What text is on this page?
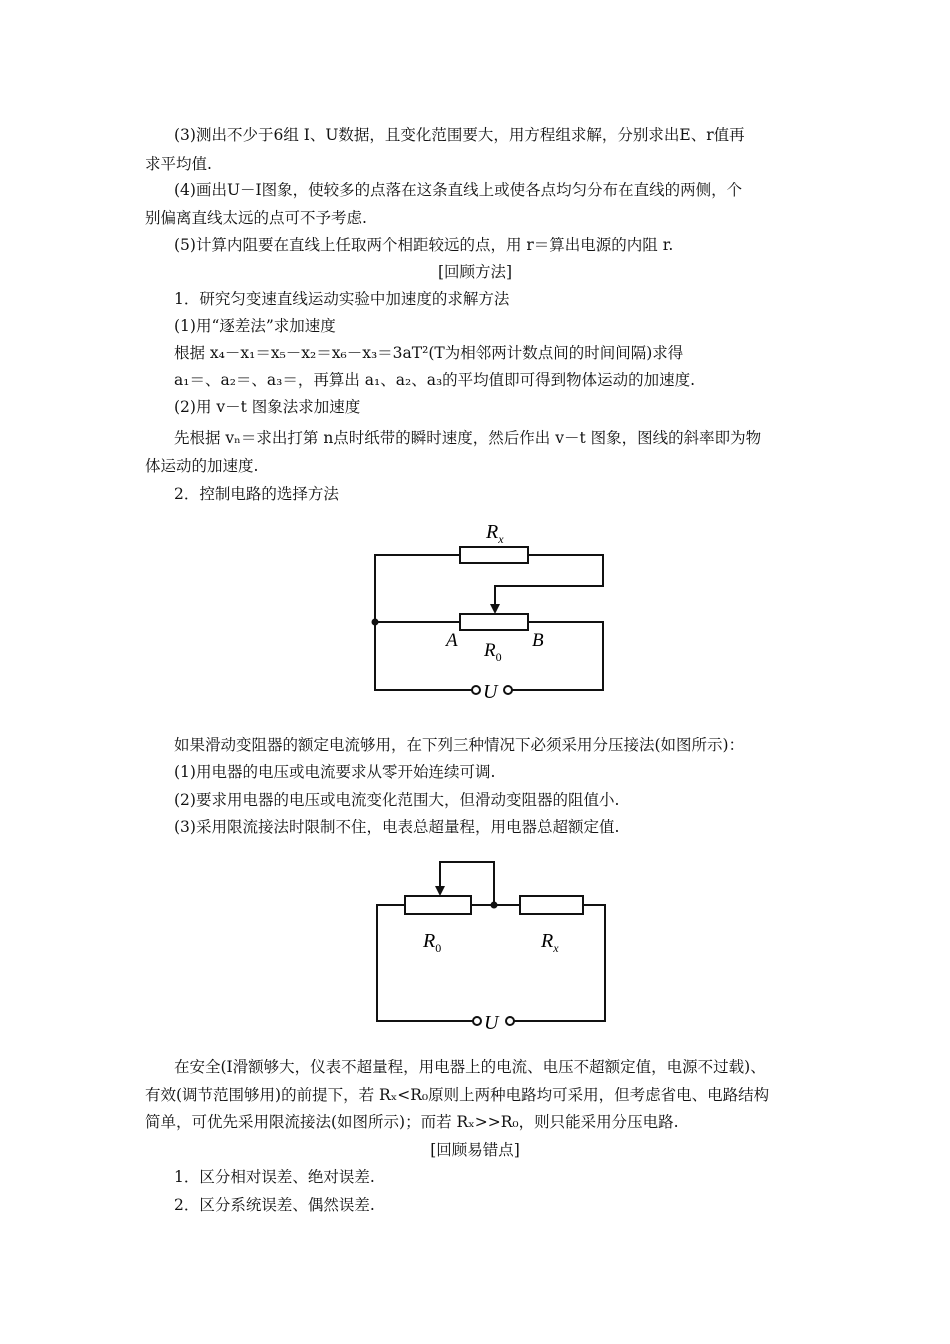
(3)测出不少于6组 I、U数据，且变化范围要大，用方程组求解，分别求出E、r值再
求平均值.
(4)画出U－I图象，使较多的点落在这条直线上或使各点均匀分布在直线的两侧，个
别偏离直线太远的点可不予考虑.
(5)计算内阻要在直线上任取两个相距较远的点，用 r＝算出电源的内阻 r.
[回顾方法]
1．研究匀变速直线运动实验中加速度的求解方法
(1)用“逐差法”求加速度
根据 x₄－x₁＝x₅－x₂＝x₆－x₃＝3aT²(T为相邻两计数点间的时间间隔)求得
a₁＝、a₂＝、a₃＝，再算出 a₁、a₂、a₃的平均值即可得到物体运动的加速度.
(2)用 v－t 图象法求加速度
先根据 vₙ＝求出打第 n点时纸带的瞬时速度，然后作出 v－t 图象，图线的斜率即为物
体运动的加速度.
2．控制电路的选择方法
$R_x$
A	B
$R_0$
U
如果滑动变阻器的额定电流够用，在下列三种情况下必须采用分压接法(如图所示)：
(1)用电器的电压或电流要求从零开始连续可调.
(2)要求用电器的电压或电流变化范围大，但滑动变阻器的阻值小.
(3)采用限流接法时限制不住，电表总超量程，用电器总超额定值.
$R_0$	$R_x$
U
在安全(I滑额够大，仪表不超量程，用电器上的电流、电压不超额定值，电源不过载)、
有效(调节范围够用)的前提下，若 Rₓ<R₀原则上两种电路均可采用，但考虑省电、电路结构
简单，可优先采用限流接法(如图所示)；而若 Rₓ>>R₀，则只能采用分压电路.
[回顾易错点]
1．区分相对误差、绝对误差.
2．区分系统误差、偶然误差.
